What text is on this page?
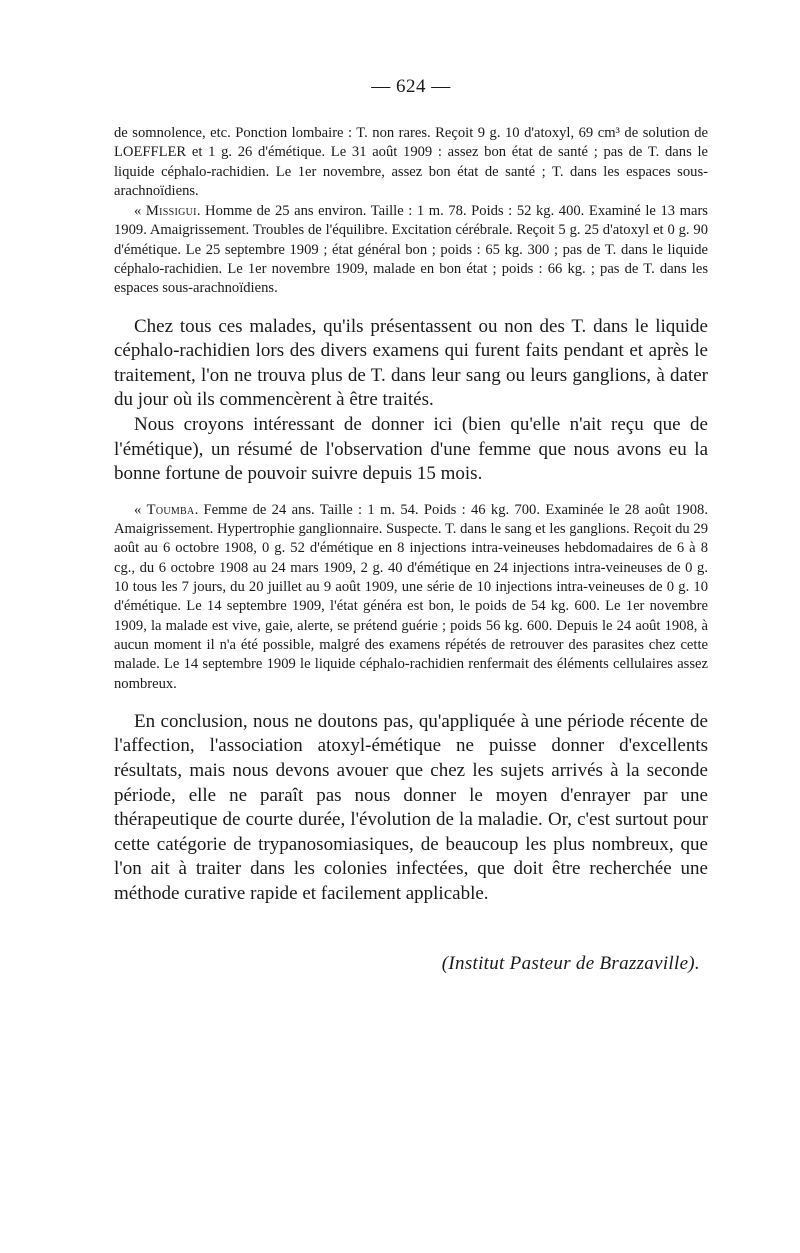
— 624 —

de somnolence, etc. Ponction lombaire : T. non rares. Reçoit 9 g. 10 d'atoxyl, 69 cm³ de solution de LOEFFLER et 1 g. 26 d'émétique. Le 31 août 1909 : assez bon état de santé ; pas de T. dans le liquide céphalo-rachidien. Le 1er novembre, assez bon état de santé ; T. dans les espaces sous-arachnoïdiens.

« Missigui. Homme de 25 ans environ. Taille : 1 m. 78. Poids : 52 kg. 400. Examiné le 13 mars 1909. Amaigrissement. Troubles de l'équilibre. Excitation cérébrale. Reçoit 5 g. 25 d'atoxyl et 0 g. 90 d'émétique. Le 25 septembre 1909 ; état général bon ; poids : 65 kg. 300 ; pas de T. dans le liquide céphalo-rachidien. Le 1er novembre 1909, malade en bon état ; poids : 66 kg. ; pas de T. dans les espaces sous-arachnoïdiens.

Chez tous ces malades, qu'ils présentassent ou non des T. dans le liquide céphalo-rachidien lors des divers examens qui furent faits pendant et après le traitement, l'on ne trouva plus de T. dans leur sang ou leurs ganglions, à dater du jour où ils commencèrent à être traités.

Nous croyons intéressant de donner ici (bien qu'elle n'ait reçu que de l'émétique), un résumé de l'observation d'une femme que nous avons eu la bonne fortune de pouvoir suivre depuis 15 mois.

« Toumba. Femme de 24 ans. Taille : 1 m. 54. Poids : 46 kg. 700. Examinée le 28 août 1908. Amaigrissement. Hypertrophie ganglionnaire. Suspecte. T. dans le sang et les ganglions. Reçoit du 29 août au 6 octobre 1908, 0 g. 52 d'émétique en 8 injections intra-veineuses hebdomadaires de 6 à 8 cg., du 6 octobre 1908 au 24 mars 1909, 2 g. 40 d'émétique en 24 injections intra-veineuses de 0 g. 10 tous les 7 jours, du 20 juillet au 9 août 1909, une série de 10 injections intra-veineuses de 0 g. 10 d'émétique. Le 14 septembre 1909, l'état généra est bon, le poids de 54 kg. 600. Le 1er novembre 1909, la malade est vive, gaie, alerte, se prétend guérie ; poids 56 kg. 600. Depuis le 24 août 1908, à aucun moment il n'a été possible, malgré des examens répétés de retrouver des parasites chez cette malade. Le 14 septembre 1909 le liquide céphalo-rachidien renfermait des éléments cellulaires assez nombreux.

En conclusion, nous ne doutons pas, qu'appliquée à une période récente de l'affection, l'association atoxyl-émétique ne puisse donner d'excellents résultats, mais nous devons avouer que chez les sujets arrivés à la seconde période, elle ne paraît pas nous donner le moyen d'enrayer par une thérapeutique de courte durée, l'évolution de la maladie. Or, c'est surtout pour cette catégorie de trypanosomiasiques, de beaucoup les plus nombreux, que l'on ait à traiter dans les colonies infectées, que doit être recherchée une méthode curative rapide et facilement applicable.

(Institut Pasteur de Brazzaville).
